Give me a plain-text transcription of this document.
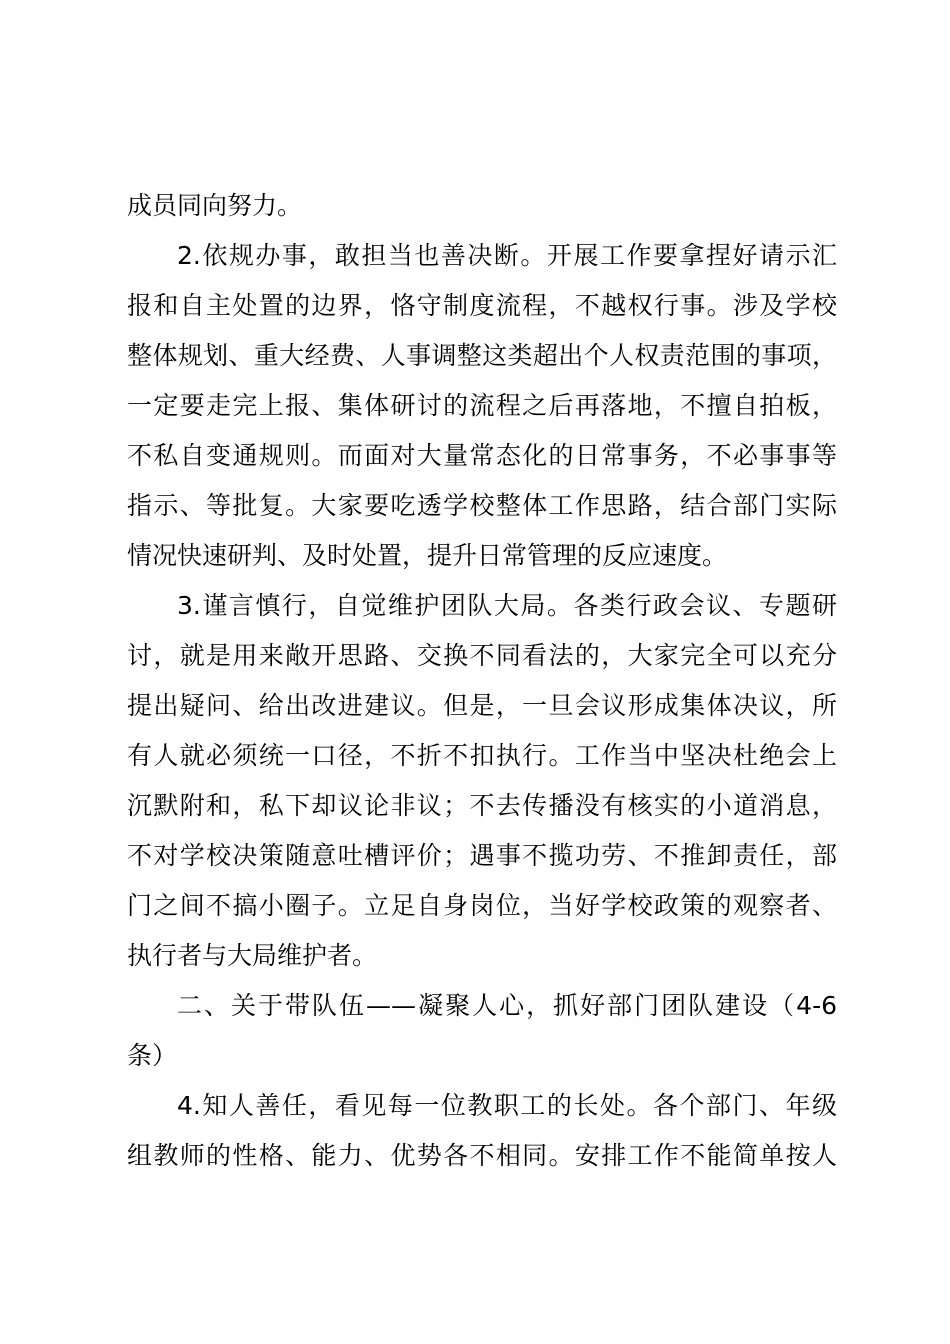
成员同向努力。
2.依规办事，敢担当也善决断。开展工作要拿捏好请示汇
报和自主处置的边界，恪守制度流程，不越权行事。涉及学校
整体规划、重大经费、人事调整这类超出个人权责范围的事项，
一定要走完上报、集体研讨的流程之后再落地，不擅自拍板，
不私自变通规则。而面对大量常态化的日常事务，不必事事等
指示、等批复。大家要吃透学校整体工作思路，结合部门实际
情况快速研判、及时处置，提升日常管理的反应速度。
3.谨言慎行，自觉维护团队大局。各类行政会议、专题研
讨，就是用来敞开思路、交换不同看法的，大家完全可以充分
提出疑问、给出改进建议。但是，一旦会议形成集体决议，所
有人就必须统一口径，不折不扣执行。工作当中坚决杜绝会上
沉默附和，私下却议论非议；不去传播没有核实的小道消息，
不对学校决策随意吐槽评价；遇事不揽功劳、不推卸责任，部
门之间不搞小圈子。立足自身岗位，当好学校政策的观察者、
执行者与大局维护者。
二、关于带队伍——凝聚人心，抓好部门团队建设（4-6
条）
4.知人善任，看见每一位教职工的长处。各个部门、年级
组教师的性格、能力、优势各不相同。安排工作不能简单按人
